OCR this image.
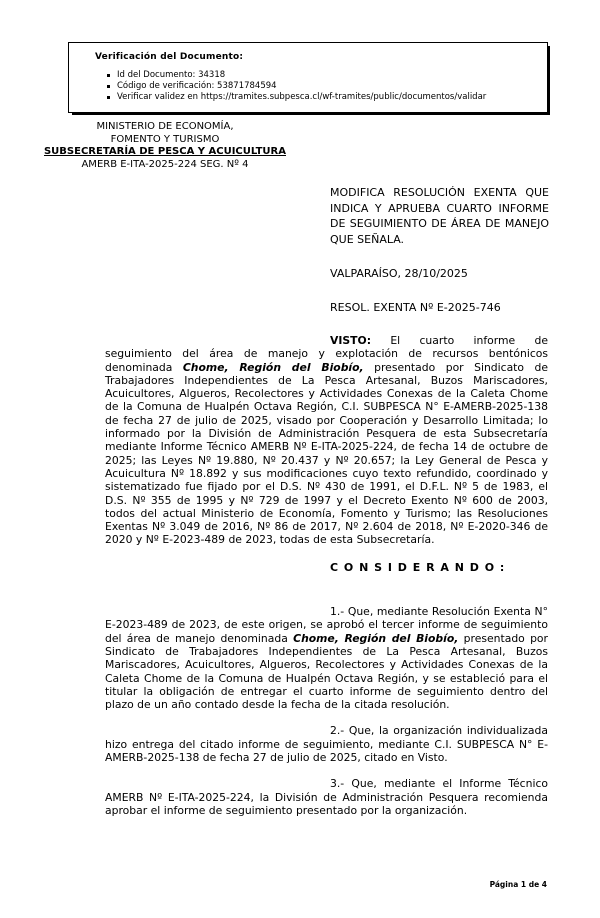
Verificación del Documento:
Id del Documento: 34318
Código de verificación: 53871784594
Verificar validez en https://tramites.subpesca.cl/wf-tramites/public/documentos/validar
MINISTERIO DE ECONOMÍA,
FOMENTO Y TURISMO
SUBSECRETARÍA DE PESCA Y ACUICULTURA
AMERB E-ITA-2025-224 SEG. Nº 4
MODIFICA RESOLUCIÓN EXENTA QUE INDICA Y APRUEBA CUARTO INFORME DE SEGUIMIENTO DE ÁREA DE MANEJO QUE SEÑALA.
VALPARAÍSO, 28/10/2025
RESOL. EXENTA Nº E-2025-746

VISTO: El cuarto informe de seguimiento del área de manejo y explotación de recursos bentónicos denominada Chome, Región del Biobío, presentado por Sindicato de Trabajadores Independientes de La Pesca Artesanal, Buzos Mariscadores, Acuicultores, Algueros, Recolectores y Actividades Conexas de la Caleta Chome de la Comuna de Hualpén Octava Región, C.I. SUBPESCA N° E-AMERB-2025-138 de fecha 27 de julio de 2025, visado por Cooperación y Desarrollo Limitada; lo informado por la División de Administración Pesquera de esta Subsecretaría mediante Informe Técnico AMERB Nº E-ITA-2025-224, de fecha 14 de octubre de 2025; las Leyes Nº 19.880, Nº 20.437 y Nº 20.657; la Ley General de Pesca y Acuicultura Nº 18.892 y sus modificaciones cuyo texto refundido, coordinado y sistematizado fue fijado por el D.S. Nº 430 de 1991, el D.F.L. Nº 5 de 1983, el D.S. Nº 355 de 1995 y Nº 729 de 1997 y el Decreto Exento Nº 600 de 2003, todos del actual Ministerio de Economía, Fomento y Turismo; las Resoluciones Exentas Nº 3.049 de 2016, Nº 86 de 2017, Nº 2.604 de 2018, Nº E-2020-346 de 2020 y Nº E-2023-489 de 2023, todas de esta Subsecretaría.

C O N S I D E R A N D O :

1.- Que, mediante Resolución Exenta N° E-2023-489 de 2023, de este origen, se aprobó el tercer informe de seguimiento del área de manejo denominada Chome, Región del Biobío, presentado por Sindicato de Trabajadores Independientes de La Pesca Artesanal, Buzos Mariscadores, Acuicultores, Algueros, Recolectores y Actividades Conexas de la Caleta Chome de la Comuna de Hualpén Octava Región, y se estableció para el titular la obligación de entregar el cuarto informe de seguimiento dentro del plazo de un año contado desde la fecha de la citada resolución.

2.- Que, la organización individualizada hizo entrega del citado informe de seguimiento, mediante C.I. SUBPESCA N° E-AMERB-2025-138 de fecha 27 de julio de 2025, citado en Visto.

3.- Que, mediante el Informe Técnico AMERB Nº E-ITA-2025-224, la División de Administración Pesquera recomienda aprobar el informe de seguimiento presentado por la organización.

Página 1 de 4
